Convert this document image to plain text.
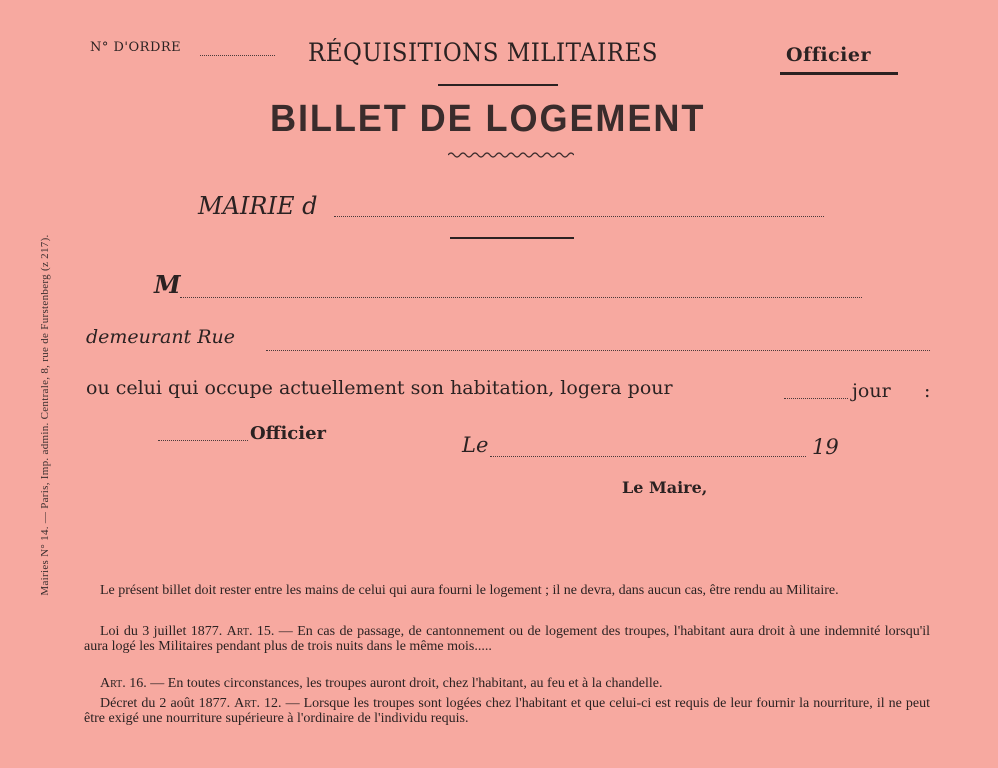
Mairies N° 14. — Paris, Imp. admin. Centrale, 8, rue de Furstenberg (z 217).
N° D'ORDRE	RÉQUISITIONS MILITAIRES	Officier
BILLET DE LOGEMENT
MAIRIE d
M
demeurant Rue
ou celui qui occupe actuellement son habitation, logera pour	jour :
Officier	Le	19
Le Maire,
Le présent billet doit rester entre les mains de celui qui aura fourni le logement ; il ne devra, dans aucun cas, être rendu au Militaire.
Loi du 3 juillet 1877. Art. 15. — En cas de passage, de cantonnement ou de logement des troupes, l'habitant aura droit à une indemnité lorsqu'il aura logé les Militaires pendant plus de trois nuits dans le même mois.....
Art. 16. — En toutes circonstances, les troupes auront droit, chez l'habitant, au feu et à la chandelle.
Décret du 2 août 1877. Art. 12. — Lorsque les troupes sont logées chez l'habitant et que celui-ci est requis de leur fournir la nourriture, il ne peut être exigé une nourriture supérieure à l'ordinaire de l'individu requis.
